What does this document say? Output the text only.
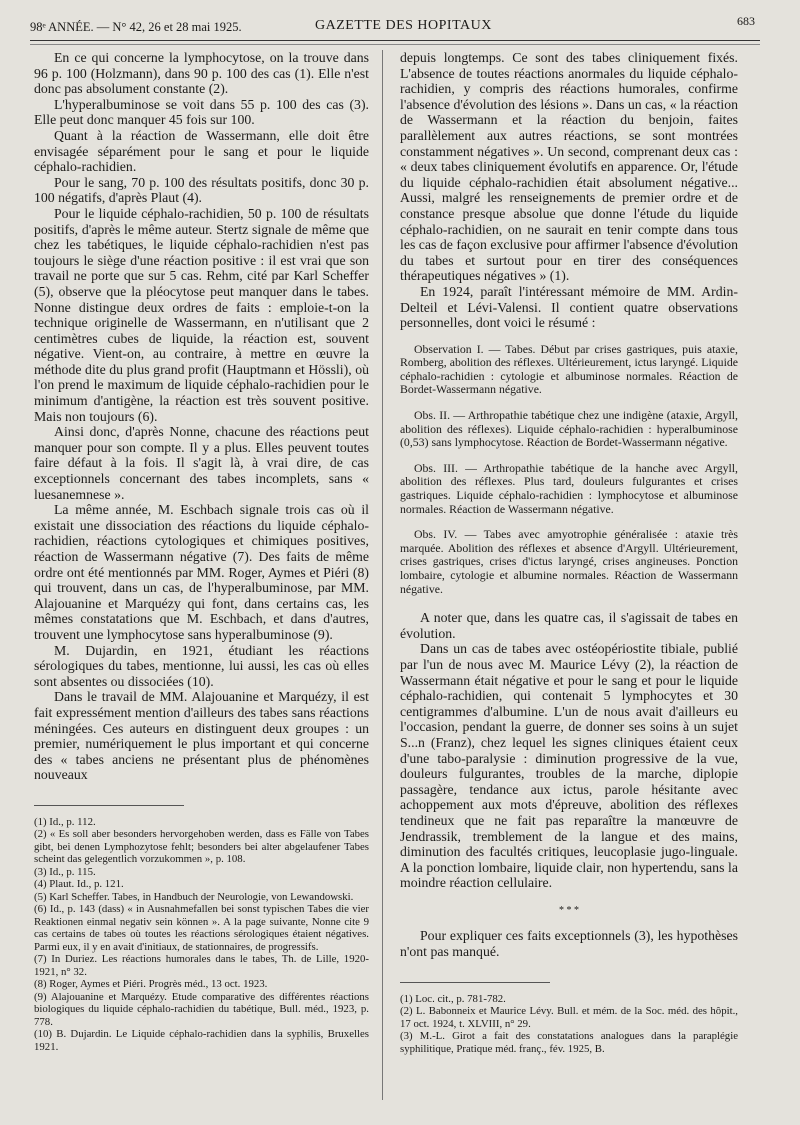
98ᵉ ANNÉE. — N° 42, 26 et 28 mai 1925.	GAZETTE DES HOPITAUX	683

En ce qui concerne la lymphocytose, on la trouve dans 96 p. 100 (Holzmann), dans 90 p. 100 des cas (1). Elle n'est donc pas absolument constante (2).

L'hyperalbuminose se voit dans 55 p. 100 des cas (3). Elle peut donc manquer 45 fois sur 100.

Quant à la réaction de Wassermann, elle doit être envisagée séparément pour le sang et pour le liquide céphalo-rachidien.

Pour le sang, 70 p. 100 des résultats positifs, donc 30 p. 100 négatifs, d'après Plaut (4).

Pour le liquide céphalo-rachidien, 50 p. 100 de résultats positifs, d'après le même auteur. Stertz signale de même que chez les tabétiques, le liquide céphalo-rachidien n'est pas toujours le siège d'une réaction positive : il est vrai que son travail ne porte que sur 5 cas. Rehm, cité par Karl Scheffer (5), observe que la pléocytose peut manquer dans le tabes. Nonne distingue deux ordres de faits : emploie-t-on la technique originelle de Wassermann, en n'utilisant que 2 centimètres cubes de liquide, la réaction est, souvent négative. Vient-on, au contraire, à mettre en œuvre la méthode dite du plus grand profit (Hauptmann et Hössli), où l'on prend le maximum de liquide céphalo-rachidien pour le minimum d'antigène, la réaction est très souvent positive. Mais non toujours (6).

Ainsi donc, d'après Nonne, chacune des réactions peut manquer pour son compte. Il y a plus. Elles peuvent toutes faire défaut à la fois. Il s'agit là, à vrai dire, de cas exceptionnels concernant des tabes incomplets, sans « luesanemnese ».

La même année, M. Eschbach signale trois cas où il existait une dissociation des réactions du liquide céphalo-rachidien, réactions cytologiques et chimiques positives, réaction de Wassermann négative (7). Des faits de même ordre ont été mentionnés par MM. Roger, Aymes et Piéri (8) qui trouvent, dans un cas, de l'hyperalbuminose, par MM. Alajouanine et Marquézy qui font, dans certains cas, les mêmes constatations que M. Eschbach, et dans d'autres, trouvent une lymphocytose sans hyperalbuminose (9).

M. Dujardin, en 1921, étudiant les réactions sérologiques du tabes, mentionne, lui aussi, les cas où elles sont absentes ou dissociées (10).

Dans le travail de MM. Alajouanine et Marquézy, il est fait expressément mention d'ailleurs des tabes sans réactions méningées. Ces auteurs en distinguent deux groupes : un premier, numériquement le plus important et qui concerne des « tabes anciens ne présentant plus de phénomènes nouveaux

(1) Id., p. 112.

(2) « Es soll aber besonders hervorgehoben werden, dass es Fälle von Tabes gibt, bei denen Lymphozytose fehlt; besonders bei alter abgelaufener Tabes scheint das gelegentlich vorzukommen », p. 108.

(3) Id., p. 115.

(4) Plaut. Id., p. 121.

(5) Karl Scheffer. Tabes, in Handbuch der Neurologie, von Lewandowski.

(6) Id., p. 143 (dass) « in Ausnahmefallen bei sonst typischen Tabes die vier Reaktionen einmal negativ sein können ». A la page suivante, Nonne cite 9 cas certains de tabes où toutes les réactions sérologiques étaient négatives. Parmi eux, il y en avait d'initiaux, de stationnaires, de progressifs.

(7) In Duriez. Les réactions humorales dans le tabes, Th. de Lille, 1920-1921, n° 32.

(8) Roger, Aymes et Piéri. Progrès méd., 13 oct. 1923.

(9) Alajouanine et Marquézy. Etude comparative des différentes réactions biologiques du liquide céphalo-rachidien du tabétique, Bull. méd., 1923, p. 778.

(10) B. Dujardin. Le Liquide céphalo-rachidien dans la syphilis, Bruxelles 1921.

depuis longtemps. Ce sont des tabes cliniquement fixés. L'absence de toutes réactions anormales du liquide céphalo-rachidien, y compris des réactions humorales, confirme l'absence d'évolution des lésions ». Dans un cas, « la réaction de Wassermann et la réaction du benjoin, faites parallèlement aux autres réactions, se sont montrées constamment négatives ». Un second, comprenant deux cas : « deux tabes cliniquement évolutifs en apparence. Or, l'étude du liquide céphalo-rachidien était absolument négative... Aussi, malgré les renseignements de premier ordre et de constance presque absolue que donne l'étude du liquide céphalo-rachidien, on ne saurait en tenir compte dans tous les cas de façon exclusive pour affirmer l'absence d'évolution du tabes et surtout pour en tirer des conséquences thérapeutiques négatives » (1).

En 1924, paraît l'intéressant mémoire de MM. Ardin-Delteil et Lévi-Valensi. Il contient quatre observations personnelles, dont voici le résumé :

Observation I. — Tabes. Début par crises gastriques, puis ataxie, Romberg, abolition des réflexes. Ultérieurement, ictus laryngé. Liquide céphalo-rachidien : cytologie et albuminose normales. Réaction de Bordet-Wassermann négative.

Obs. II. — Arthropathie tabétique chez une indigène (ataxie, Argyll, abolition des réflexes). Liquide céphalo-rachidien : hyperalbuminose (0,53) sans lymphocytose. Réaction de Bordet-Wassermann négative.

Obs. III. — Arthropathie tabétique de la hanche avec Argyll, abolition des réflexes. Plus tard, douleurs fulgurantes et crises gastriques. Liquide céphalo-rachidien : lymphocytose et albuminose normales. Réaction de Wassermann négative.

Obs. IV. — Tabes avec amyotrophie généralisée : ataxie très marquée. Abolition des réflexes et absence d'Argyll. Ultérieurement, crises gastriques, crises d'ictus laryngé, crises angineuses. Ponction lombaire, cytologie et albumine normales. Réaction de Wassermann négative.

A noter que, dans les quatre cas, il s'agissait de tabes en évolution.

Dans un cas de tabes avec ostéopériostite tibiale, publié par l'un de nous avec M. Maurice Lévy (2), la réaction de Wassermann était négative et pour le sang et pour le liquide céphalo-rachidien, qui contenait 5 lymphocytes et 30 centigrammes d'albumine. L'un de nous avait d'ailleurs eu l'occasion, pendant la guerre, de donner ses soins à un sujet S...n (Franz), chez lequel les signes cliniques étaient ceux d'une tabo-paralysie : diminution progressive de la vue, douleurs fulgurantes, troubles de la marche, diplopie passagère, tendance aux ictus, parole hésitante avec achoppement aux mots d'épreuve, abolition des réflexes tendineux que ne fait pas reparaître la manœuvre de Jendrassik, tremblement de la langue et des mains, diminution des facultés critiques, leucoplasie jugo-linguale. A la ponction lombaire, liquide clair, non hypertendu, sans la moindre réaction cellulaire.

* * *

Pour expliquer ces faits exceptionnels (3), les hypothèses n'ont pas manqué.

(1) Loc. cit., p. 781-782.

(2) L. Babonneix et Maurice Lévy. Bull. et mém. de la Soc. méd. des hôpit., 17 oct. 1924, t. XLVIII, n° 29.

(3) M.-L. Girot a fait des constatations analogues dans la paraplégie syphilitique, Pratique méd. franç., fév. 1925, B.
